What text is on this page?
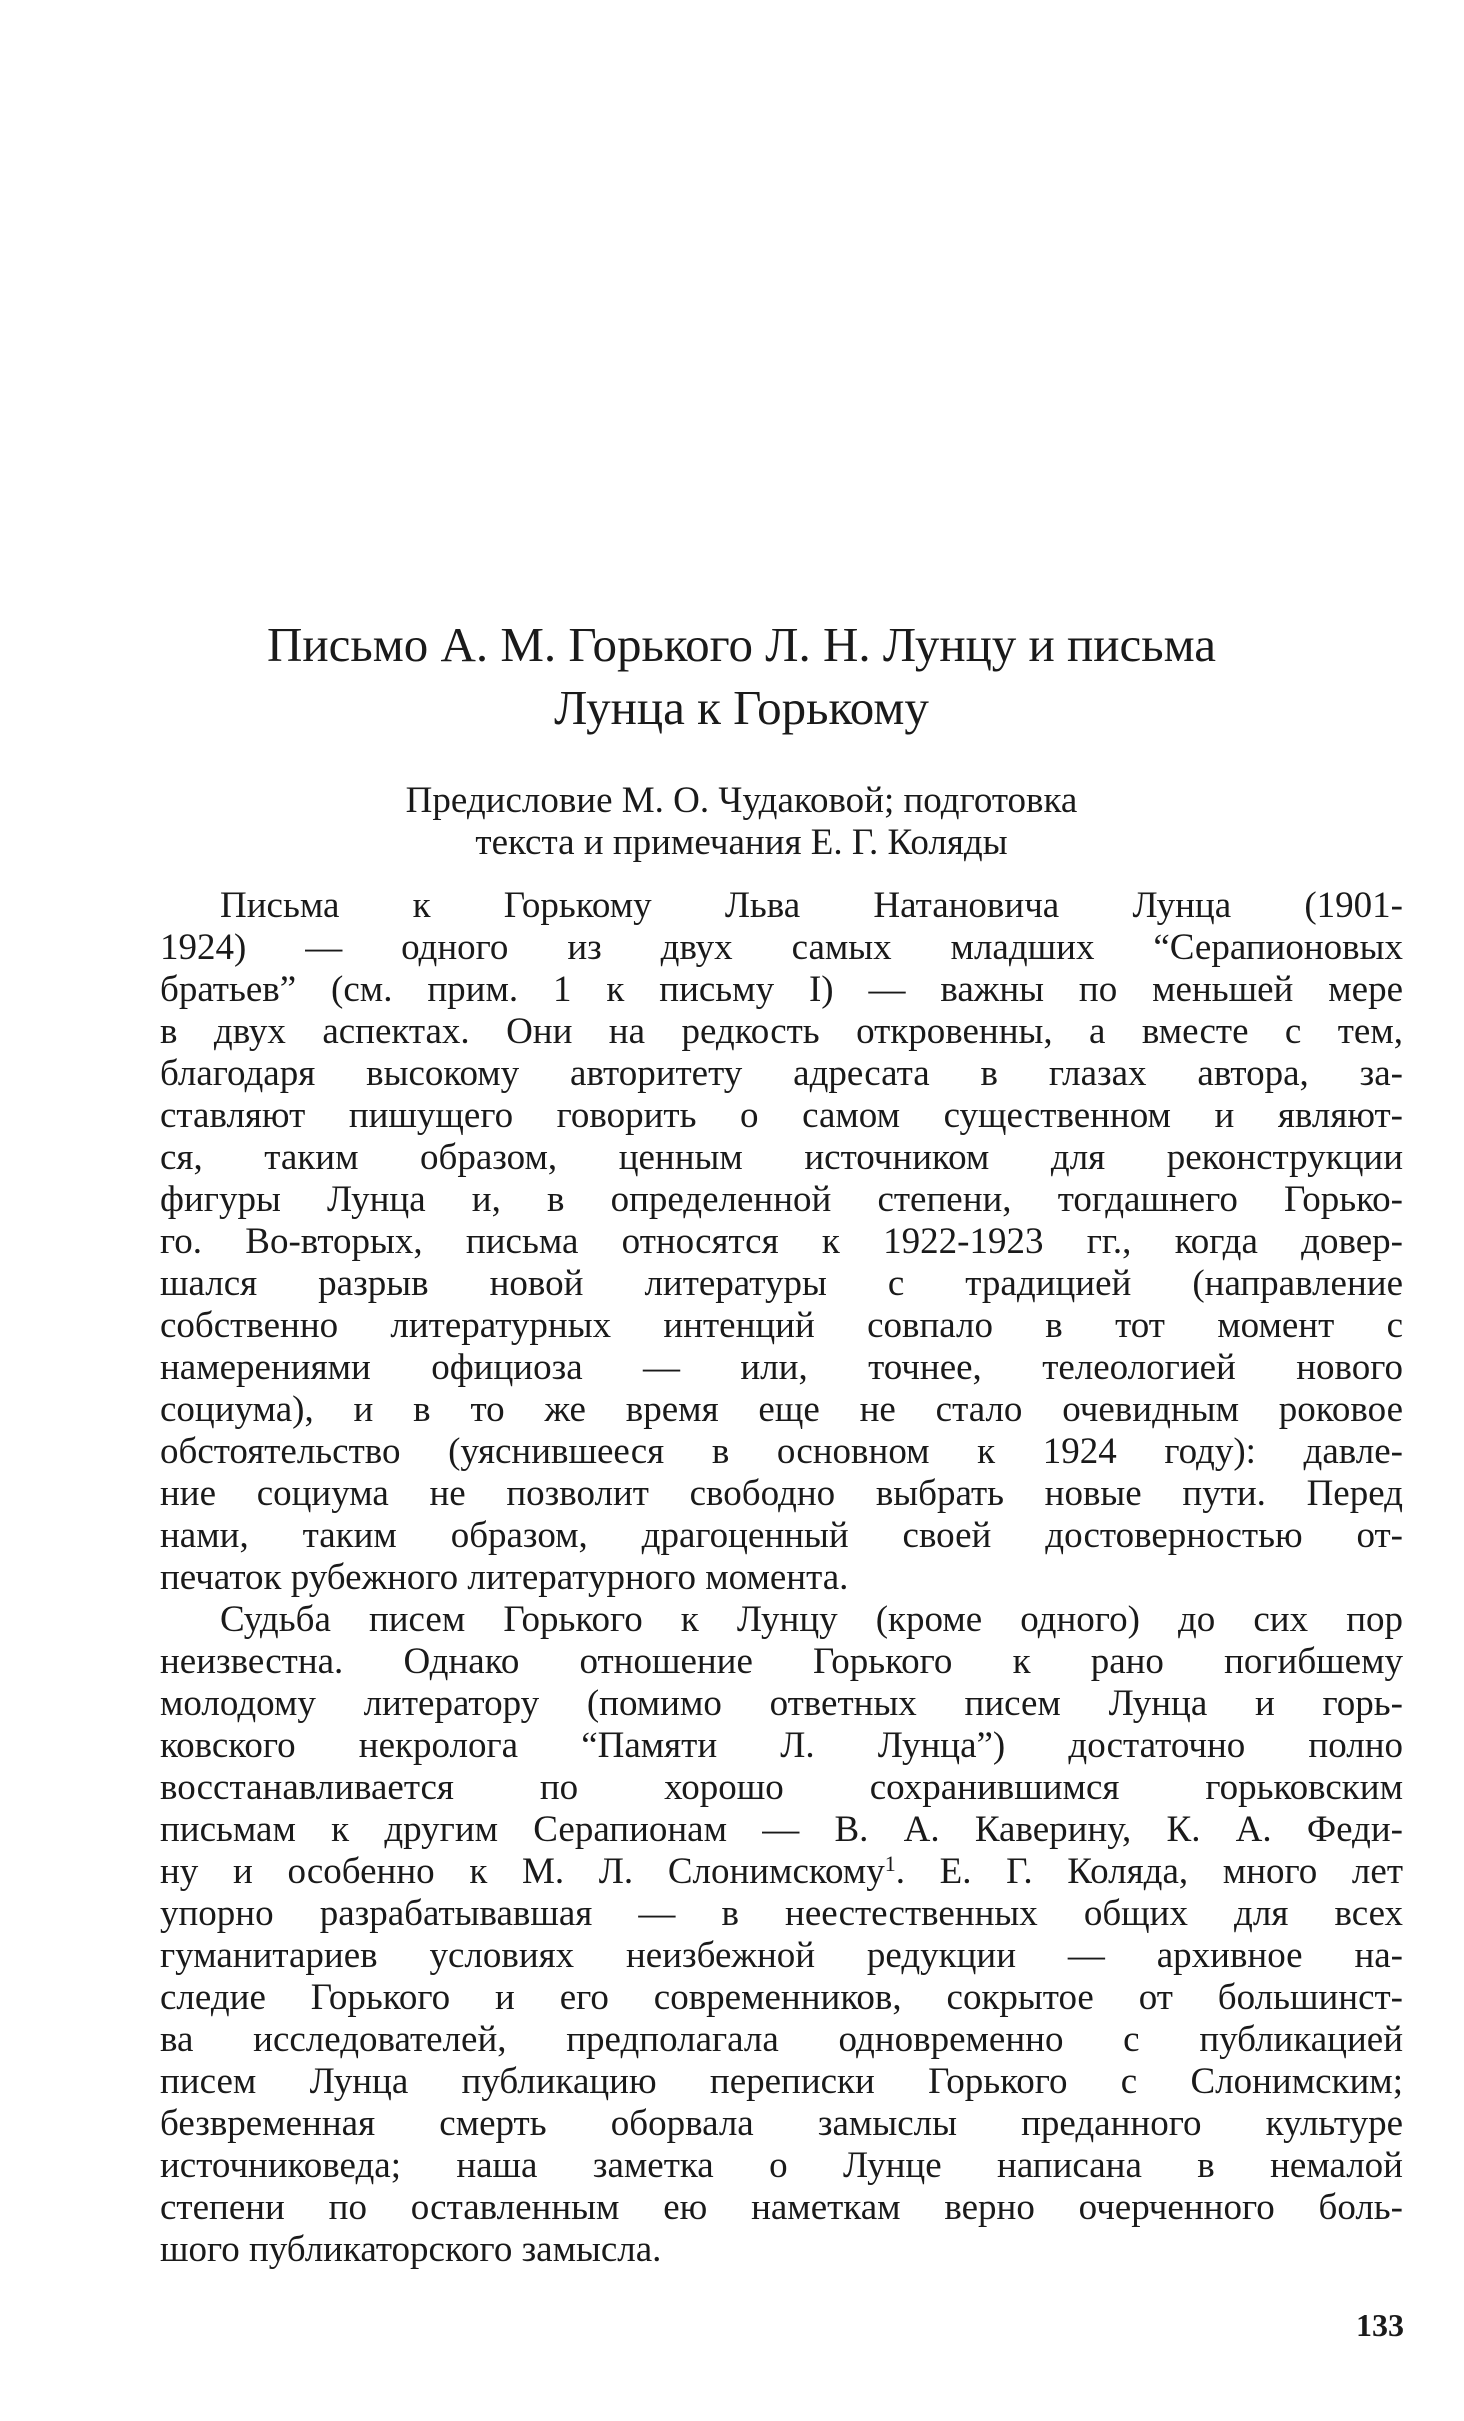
Письмо А. М. Горького Л. Н. Лунцу и письма
Лунца к Горькому
Предисловие М. О. Чудаковой; подготовка
текста и примечания Е. Г. Коляды
Письма к Горькому Льва Натановича Лунца (1901-
1924) — одного из двух самых младших “Серапионовых
братьев” (см. прим. 1 к письму I) — важны по меньшей мере
в двух аспектах. Они на редкость откровенны, а вместе с тем,
благодаря высокому авторитету адресата в глазах автора, за-
ставляют пишущего говорить о самом существенном и являют-
ся, таким образом, ценным источником для реконструкции
фигуры Лунца и, в определенной степени, тогдашнего Горько-
го. Во-вторых, письма относятся к 1922-1923 гг., когда довер-
шался разрыв новой литературы с традицией (направление
собственно литературных интенций совпало в тот момент с
намерениями официоза — или, точнее, телеологией нового
социума), и в то же время еще не стало очевидным роковое
обстоятельство (уяснившееся в основном к 1924 году): давле-
ние социума не позволит свободно выбрать новые пути. Перед
нами, таким образом, драгоценный своей достоверностью от-
печаток рубежного литературного момента.
Судьба писем Горького к Лунцу (кроме одного) до сих пор
неизвестна. Однако отношение Горького к рано погибшему
молодому литератору (помимо ответных писем Лунца и горь-
ковского некролога “Памяти Л. Лунца”) достаточно полно
восстанавливается по хорошо сохранившимся горьковским
письмам к другим Серапионам — В. А. Каверину, К. А. Феди-
ну и особенно к М. Л. Слонимскому$^1$. Е. Г. Коляда, много лет
упорно разрабатывавшая — в неестественных общих для всех
гуманитариев условиях неизбежной редукции — архивное на-
следие Горького и его современников, сокрытое от большинст-
ва исследователей, предполагала одновременно с публикацией
писем Лунца публикацию переписки Горького с Слонимским;
безвременная смерть оборвала замыслы преданного культуре
источниковеда; наша заметка о Лунце написана в немалой
степени по оставленным ею наметкам верно очерченного боль-
шого публикаторского замысла.
133
